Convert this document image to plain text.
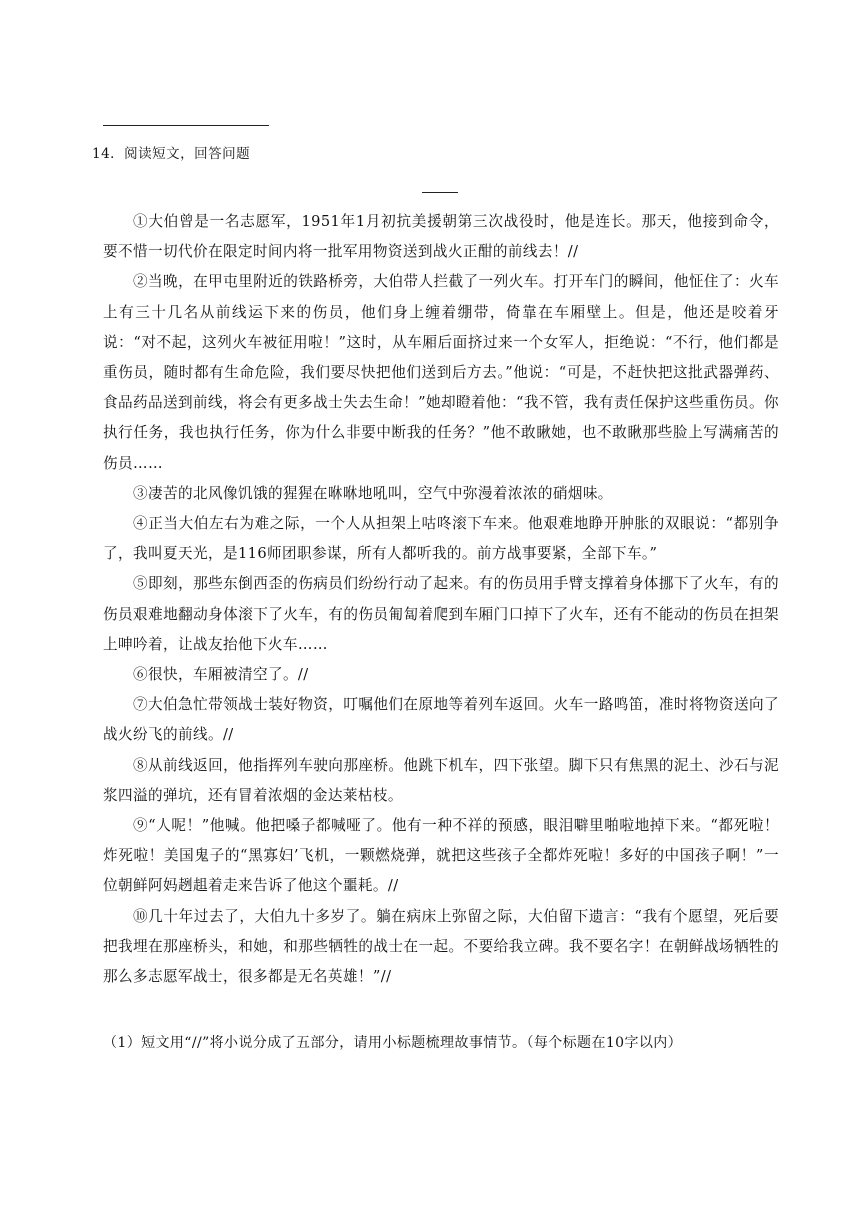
14．阅读短文，回答问题

①大伯曾是一名志愿军，1951年1月初抗美援朝第三次战役时，他是连长。那天，他接到命令，要不惜一切代价在限定时间内将一批军用物资送到战火正酣的前线去！//

②当晚，在甲屯里附近的铁路桥旁，大伯带人拦截了一列火车。打开车门的瞬间，他怔住了：火车上有三十几名从前线运下来的伤员，他们身上缠着绷带，倚靠在车厢壁上。但是，他还是咬着牙说：“对不起，这列火车被征用啦！”这时，从车厢后面挤过来一个女军人，拒绝说：“不行，他们都是重伤员，随时都有生命危险，我们要尽快把他们送到后方去。”他说：“可是，不赶快把这批武器弹药、食品药品送到前线，将会有更多战士失去生命！”她却瞪着他：“我不管，我有责任保护这些重伤员。你执行任务，我也执行任务，你为什么非要中断我的任务？”他不敢瞅她，也不敢瞅那些脸上写满痛苦的伤员……

③凄苦的北风像饥饿的猩猩在咻咻地吼叫，空气中弥漫着浓浓的硝烟味。

④正当大伯左右为难之际，一个人从担架上咕咚滚下车来。他艰难地睁开肿胀的双眼说：“都别争了，我叫夏天光，是116师团职参谋，所有人都听我的。前方战事要紧，全部下车。”

⑤即刻，那些东倒西歪的伤病员们纷纷行动了起来。有的伤员用手臂支撑着身体挪下了火车，有的伤员艰难地翻动身体滚下了火车，有的伤员匍匐着爬到车厢门口掉下了火车，还有不能动的伤员在担架上呻吟着，让战友抬他下火车……

⑥很快，车厢被清空了。//

⑦大伯急忙带领战士装好物资，叮嘱他们在原地等着列车返回。火车一路鸣笛，准时将物资送向了战火纷飞的前线。//

⑧从前线返回，他指挥列车驶向那座桥。他跳下机车，四下张望。脚下只有焦黑的泥土、沙石与泥浆四溢的弹坑，还有冒着浓烟的金达莱枯枝。

⑨“人呢！”他喊。他把嗓子都喊哑了。他有一种不祥的预感，眼泪噼里啪啦地掉下来。“都死啦！炸死啦！美国鬼子的“黑寡妇’飞机，一颗燃烧弹，就把这些孩子全都炸死啦！多好的中国孩子啊！”一位朝鲜阿妈趔趄着走来告诉了他这个噩耗。//

⑩几十年过去了，大伯九十多岁了。躺在病床上弥留之际，大伯留下遗言：“我有个愿望，死后要把我埋在那座桥头，和她，和那些牺牲的战士在一起。不要给我立碑。我不要名字！在朝鲜战场牺牲的那么多志愿军战士，很多都是无名英雄！”//

（1）短文用“//”将小说分成了五部分，请用小标题梳理故事情节。（每个标题在10字以内）
